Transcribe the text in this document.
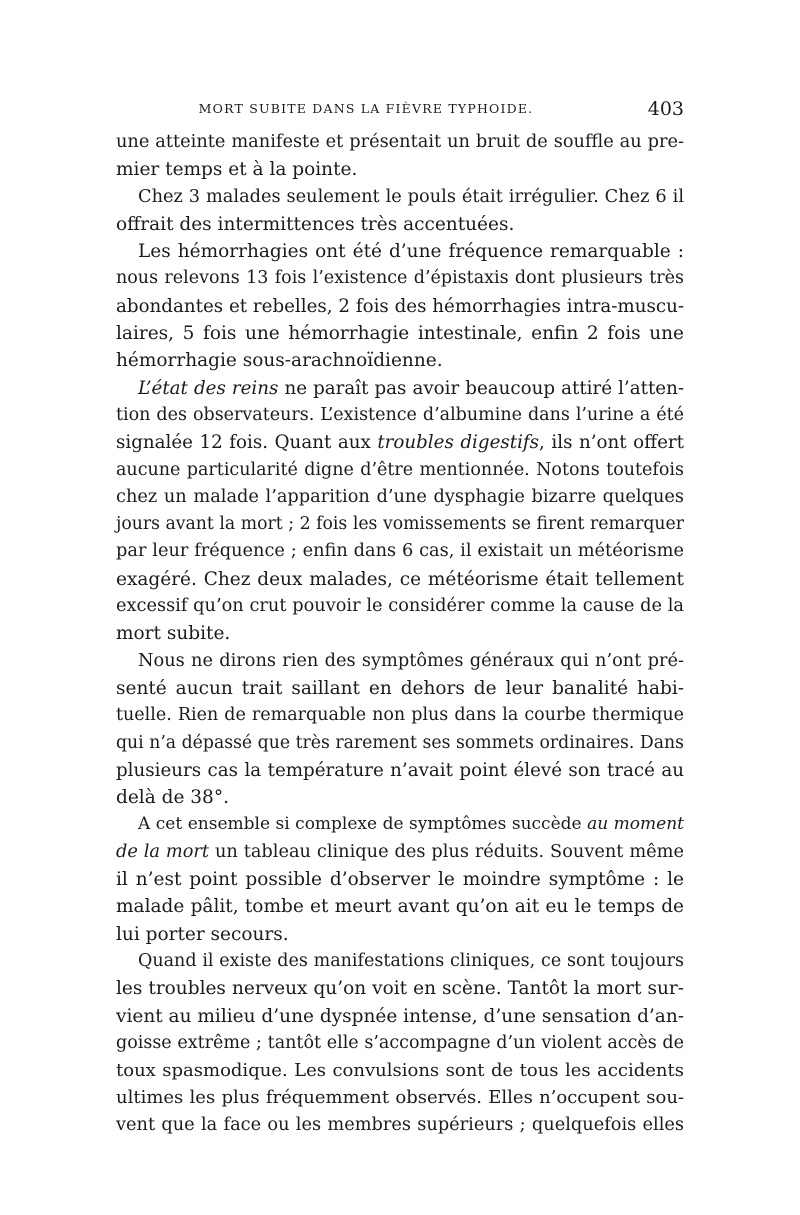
MORT SUBITE DANS LA FIÈVRE TYPHOIDE.	403
une atteinte manifeste et présentait un bruit de souffle au pre-
mier temps et à la pointe.
Chez 3 malades seulement le pouls était irrégulier. Chez 6 il
offrait des intermittences très accentuées.
Les hémorrhagies ont été d’une fréquence remarquable :
nous relevons 13 fois l’existence d’épistaxis dont plusieurs très
abondantes et rebelles, 2 fois des hémorrhagies intra-muscu-
laires, 5 fois une hémorrhagie intestinale, enfin 2 fois une
hémorrhagie sous-arachnoïdienne.
L’état des reins ne paraît pas avoir beaucoup attiré l’atten-
tion des observateurs. L’existence d’albumine dans l’urine a été
signalée 12 fois. Quant aux troubles digestifs, ils n’ont offert
aucune particularité digne d’être mentionnée. Notons toutefois
chez un malade l’apparition d’une dysphagie bizarre quelques
jours avant la mort ; 2 fois les vomissements se firent remarquer
par leur fréquence ; enfin dans 6 cas, il existait un météorisme
exagéré. Chez deux malades, ce météorisme était tellement
excessif qu’on crut pouvoir le considérer comme la cause de la
mort subite.
Nous ne dirons rien des symptômes généraux qui n’ont pré-
senté aucun trait saillant en dehors de leur banalité habi-
tuelle. Rien de remarquable non plus dans la courbe thermique
qui n’a dépassé que très rarement ses sommets ordinaires. Dans
plusieurs cas la température n’avait point élevé son tracé au
delà de 38°.
A cet ensemble si complexe de symptômes succède au moment
de la mort un tableau clinique des plus réduits. Souvent même
il n’est point possible d’observer le moindre symptôme : le
malade pâlit, tombe et meurt avant qu’on ait eu le temps de
lui porter secours.
Quand il existe des manifestations cliniques, ce sont toujours
les troubles nerveux qu’on voit en scène. Tantôt la mort sur-
vient au milieu d’une dyspnée intense, d’une sensation d’an-
goisse extrême ; tantôt elle s’accompagne d’un violent accès de
toux spasmodique. Les convulsions sont de tous les accidents
ultimes les plus fréquemment observés. Elles n’occupent sou-
vent que la face ou les membres supérieurs ; quelquefois elles
